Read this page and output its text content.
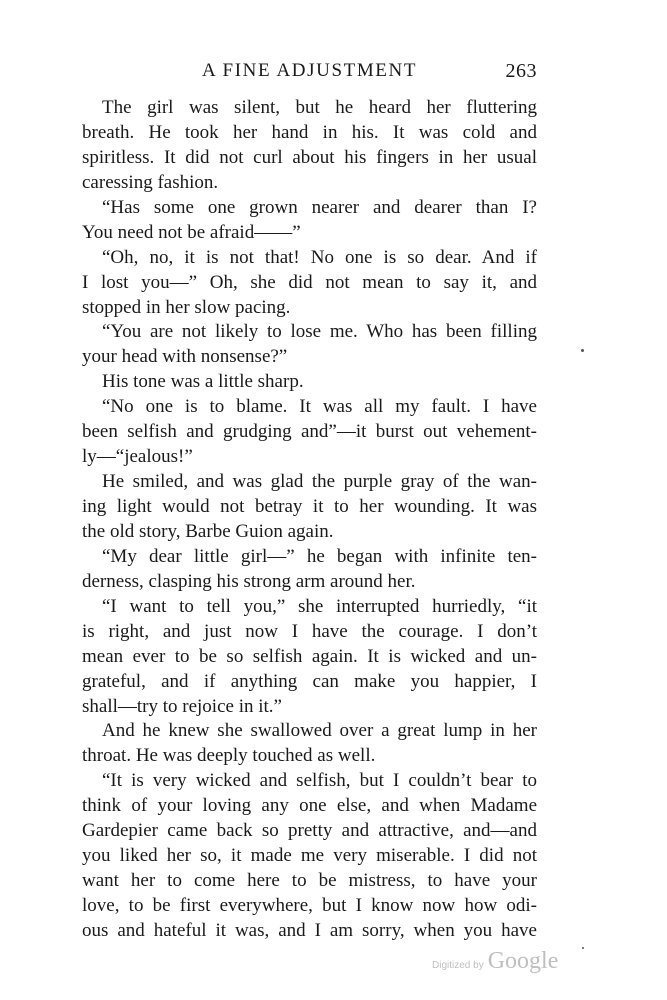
A FINE ADJUSTMENT	263
The girl was silent, but he heard her fluttering
breath. He took her hand in his. It was cold and
spiritless. It did not curl about his fingers in her usual
caressing fashion.
“Has some one grown nearer and dearer than I?
You need not be afraid——”
“Oh, no, it is not that! No one is so dear. And if
I lost you—” Oh, she did not mean to say it, and
stopped in her slow pacing.
“You are not likely to lose me. Who has been filling
your head with nonsense?”
His tone was a little sharp.
“No one is to blame. It was all my fault. I have
been selfish and grudging and”—it burst out vehement-
ly—“jealous!”
He smiled, and was glad the purple gray of the wan-
ing light would not betray it to her wounding. It was
the old story, Barbe Guion again.
“My dear little girl—” he began with infinite ten-
derness, clasping his strong arm around her.
“I want to tell you,” she interrupted hurriedly, “it
is right, and just now I have the courage. I don’t
mean ever to be so selfish again. It is wicked and un-
grateful, and if anything can make you happier, I
shall—try to rejoice in it.”
And he knew she swallowed over a great lump in her
throat. He was deeply touched as well.
“It is very wicked and selfish, but I couldn’t bear to
think of your loving any one else, and when Madame
Gardepier came back so pretty and attractive, and—and
you liked her so, it made me very miserable. I did not
want her to come here to be mistress, to have your
love, to be first everywhere, but I know now how odi-
ous and hateful it was, and I am sorry, when you have
Digitized by Google
